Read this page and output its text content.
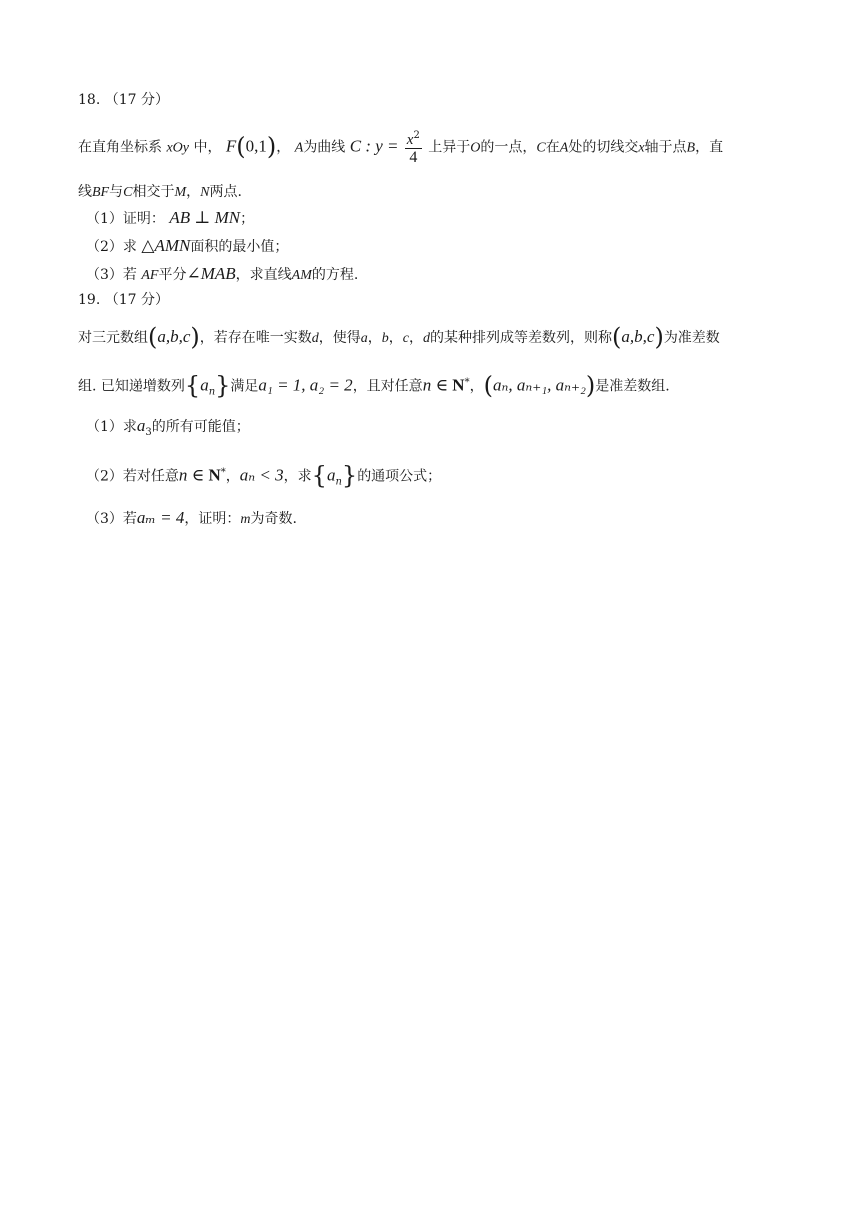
18. （17 分）
在直角坐标系 xOy 中， F(0,1)， A为曲线 C : $y = \frac{x^2}{4}$ 上异于O的一点，C在A处的切线交x轴于点B，直
线BF与C相交于M，N两点.
（1）证明： AB ⊥ MN；
（2）求 △AMN面积的最小值；
（3）若 AF平分∠MAB，求直线AM的方程.
19. （17 分）
对三元数组(a,b,c)，若存在唯一实数d，使得a，b，c，d的某种排列成等差数列，则称(a,b,c)为准差数
组. 已知递增数列$\{a_n\}$满足a₁ = 1, a₂ = 2，且对任意n ∈ N*，(aₙ, aₙ₊₁, aₙ₊₂)是准差数组.
（1）求$a_3$的所有可能值；
（2）若对任意n ∈ N*，aₙ < 3，求$\{a_n\}$的通项公式；
（3）若aₘ = 4，证明：m为奇数.
